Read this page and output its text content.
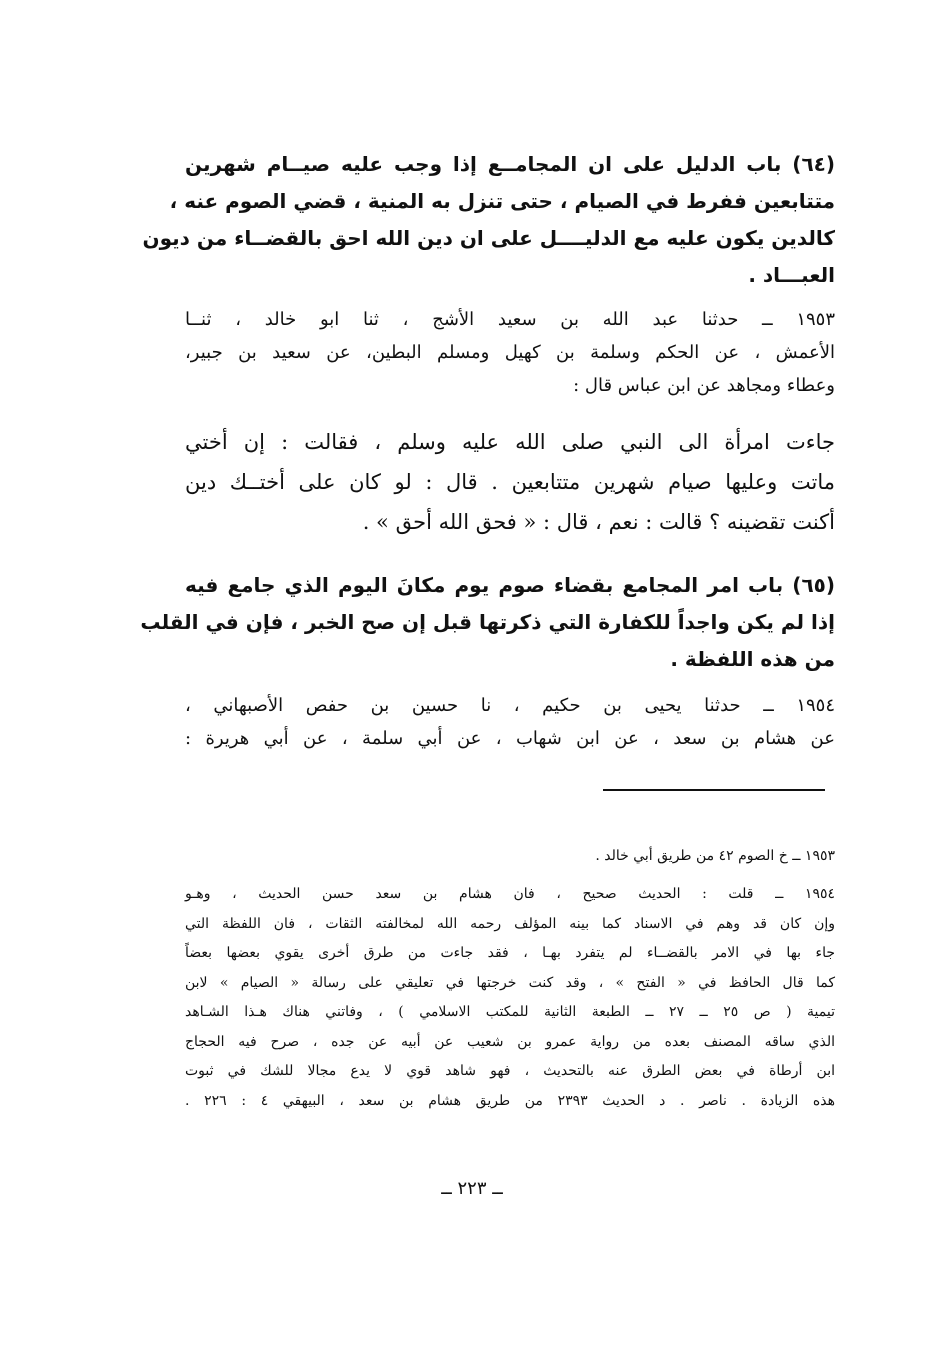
(٦٤) باب الدليل على ان المجامــع إذا وجب عليه صيــام شهرين
متتابعين ففرط في الصيام ، حتى تنزل به المنية ، قضي الصوم عنه ،
كالدين يكون عليه مع الدليــــل على ان دين الله احق بالقضــاء من ديون
العبـــاد .
١٩٥٣ ــ حدثنا عبد الله بن سعيد الأشج ، ثنا ابو خالد ، ثنــا
الأعمش ، عن الحكم وسلمة بن كهيل ومسلم البطين، عن سعيد بن جبير،
وعطاء ومجاهد عن ابن عباس قال :
جاءت امرأة الى النبي صلى الله عليه وسلم ، فقالت : إن أختي
ماتت وعليها صيام شهرين متتابعين . قال : لو كان على أختــك دين
أكنت تقضينه ؟ قالت : نعم ، قال : « فحق الله أحق » .
(٦٥) باب امر المجامع بقضاء صوم يوم مكانَ اليوم الذي جامع فيه
إذا لم يكن واجداً للكفارة التي ذكرتها قبل إن صح الخبر ، فإن في القلب
من هذه اللفظة .
١٩٥٤ ــ حدثنا يحيى بن حكيم ، نا حسين بن حفص الأصبهاني ،
عن هشام بن سعد ، عن ابن شهاب ، عن أبي سلمة ، عن أبي هريرة :
١٩٥٣ ــ خ الصوم ٤٢ من طريق أبي خالد .
١٩٥٤ ــ قلت : الحديث صحيح ، فان هشام بن سعد حسن الحديث ، وهـو
وإن كان قد وهم في الاسناد كما بينه المؤلف رحمه الله لمخالفته الثقات ، فان اللفظة التي
جاء بها في الامر بالقضــاء لم يتفرد بهـا ، فقد جاءت من طرق أخرى يقوي بعضها بعضاً
كما قال الحافظ في « الفتح » ، وقد كنت خرجتها في تعليقي على رسالة « الصيام » لابن
تيمية ( ص ٢٥ ــ ٢٧ ــ الطبعة الثانية للمكتب الاسلامي ) ، وفاتني هناك هـذا الشـاهد
الذي ساقه المصنف بعده من رواية عمرو بن شعيب عن أبيه عن جده ، صرح فيه الحجاج
ابن أرطاة في بعض الطرق عنه بالتحديث ، فهو شاهد قوي لا يدع مجالا للشك في ثبوت
هذه الزيادة . ناصر . د الحديث ٢٣٩٣ من طريق هشام بن سعد ، البيهقي ٤ : ٢٢٦ .
ــ ٢٢٣ ــ
